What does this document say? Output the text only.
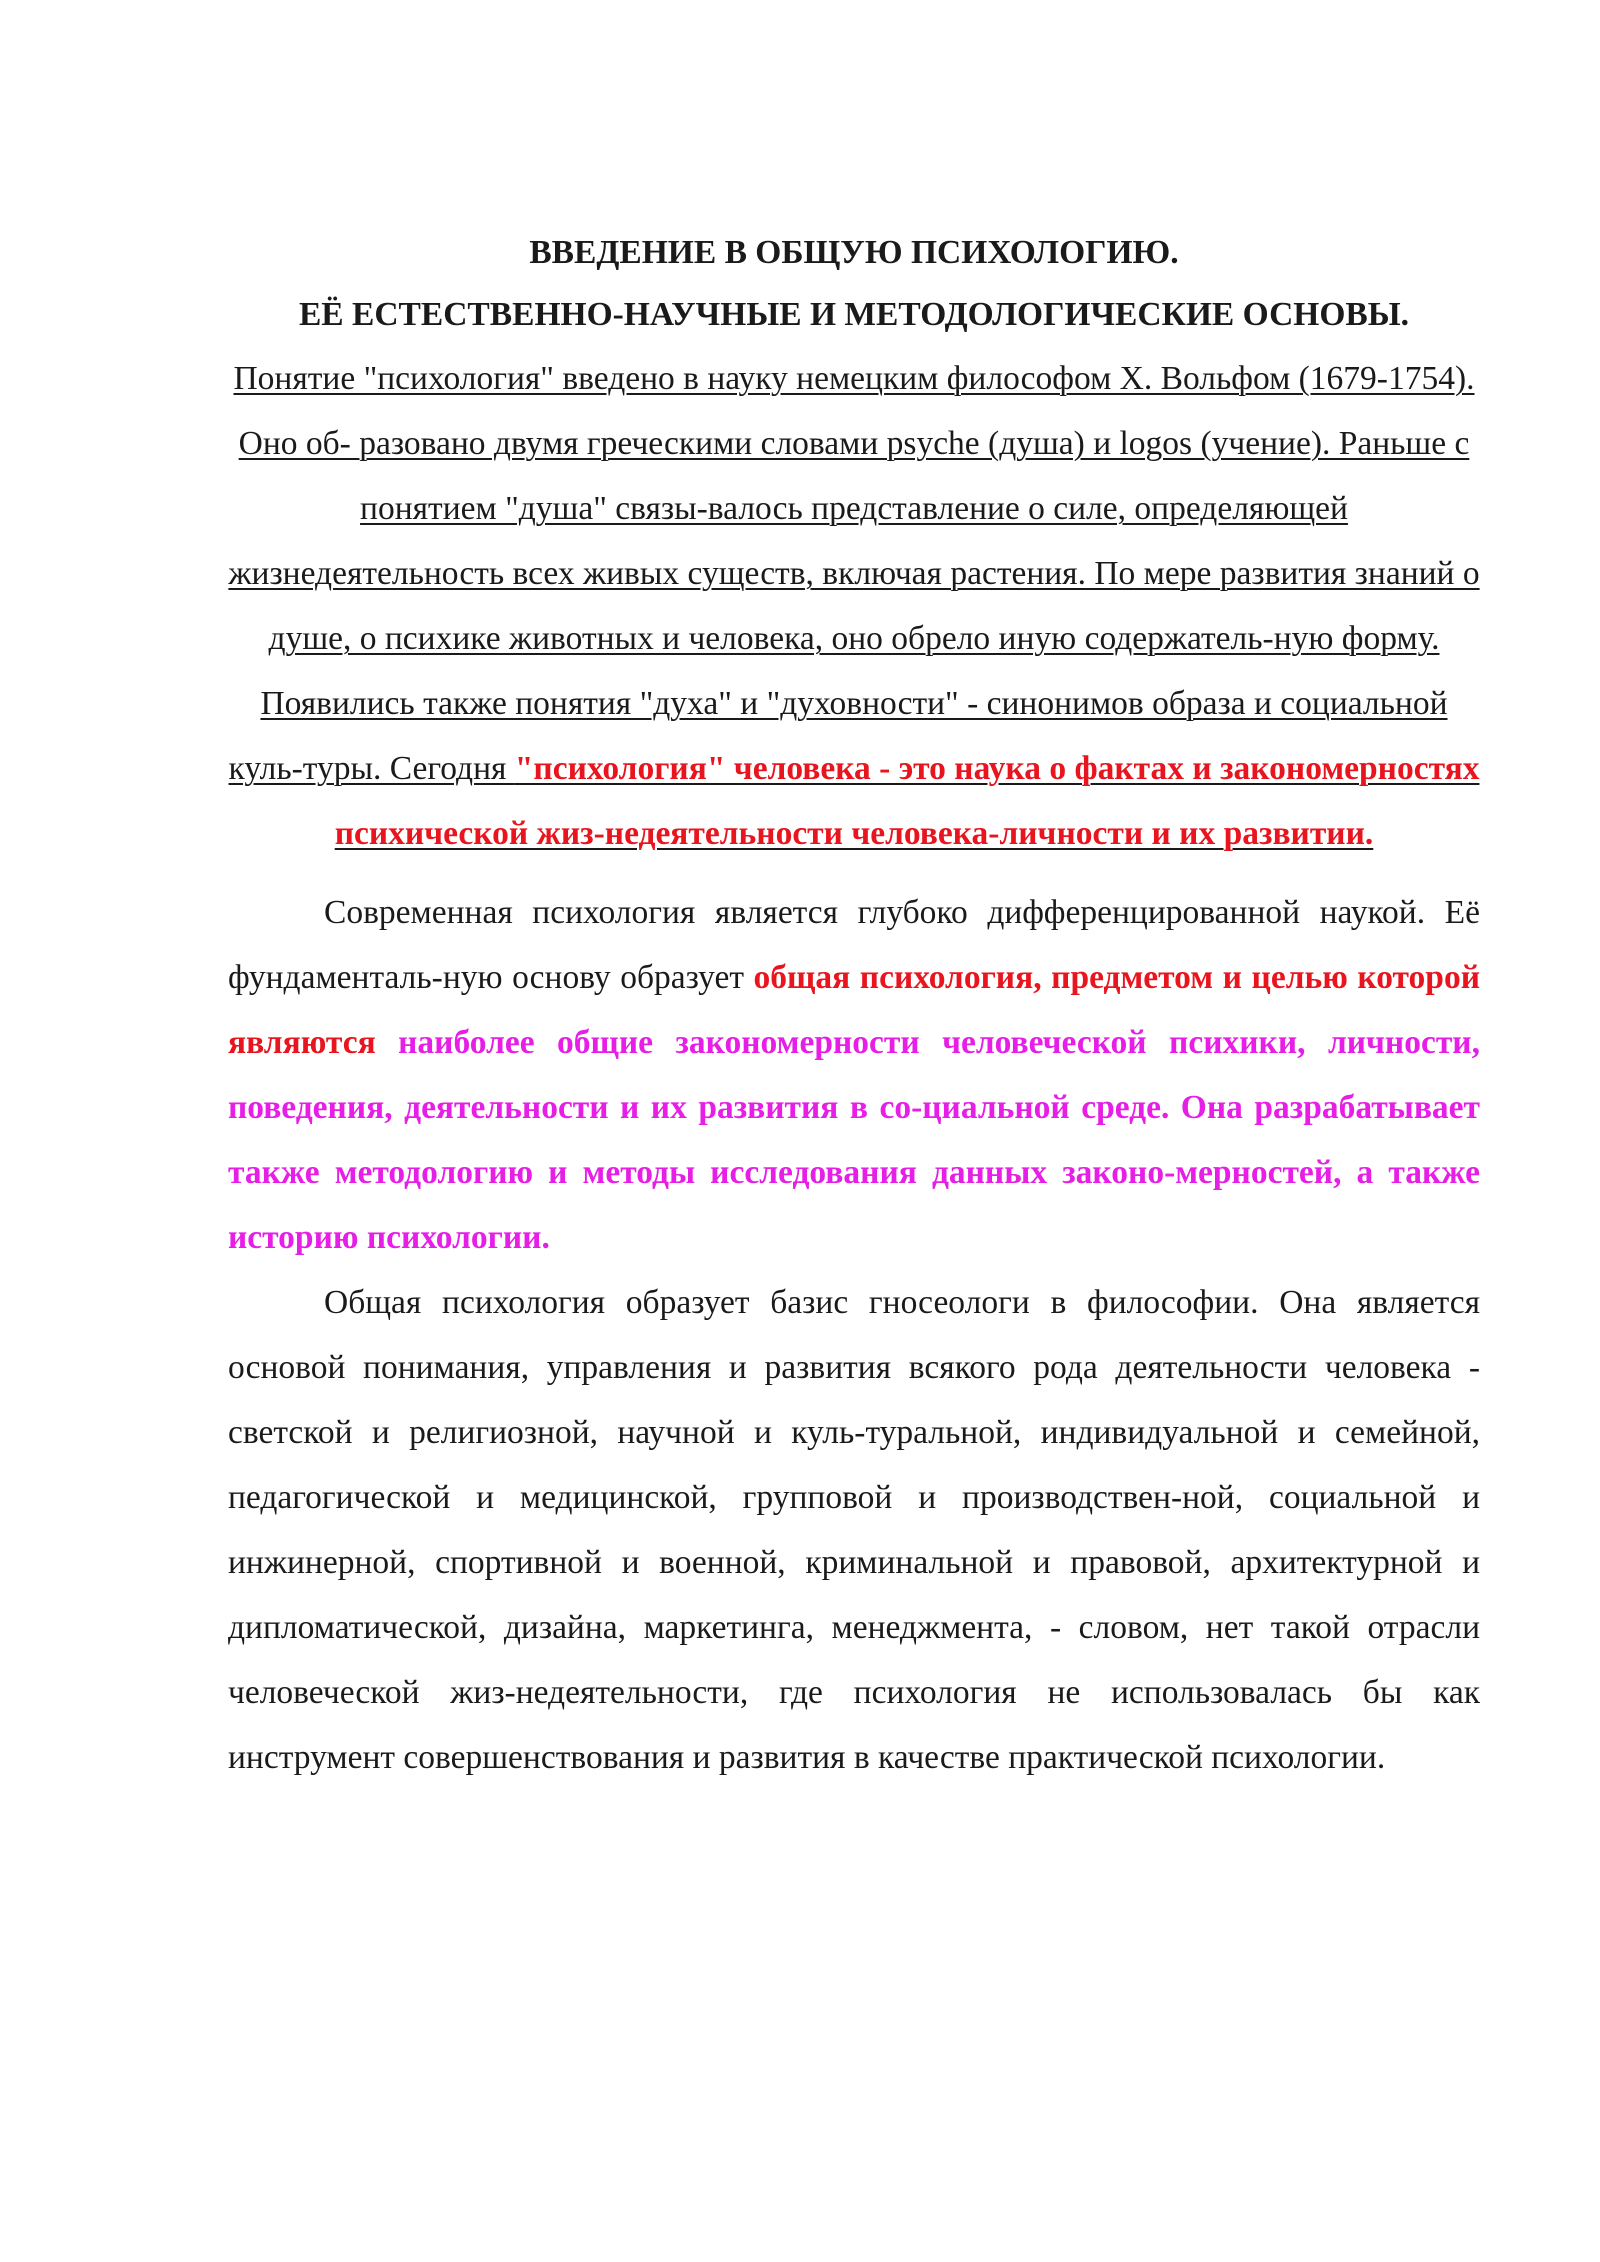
ВВЕДЕНИЕ В ОБЩУЮ ПСИХОЛОГИЮ.

ЕЁ ЕСТЕСТВЕННО-НАУЧНЫЕ И МЕТОДОЛОГИЧЕСКИЕ ОСНОВЫ.

Понятие "психология" введено в науку немецким философом X. Вольфом (1679-1754). Оно об- разовано двумя греческими словами psyche (душа) и logos (учение). Раньше с понятием "душа" связы-валось представление о силе, определяющей жизнедеятельность всех живых существ, включая растения. По мере развития знаний о душе, о психике животных и человека, оно обрело иную содержатель-ную форму. Появились также понятия "духа" и "духовности" - синонимов образа и социальной куль-туры. Сегодня "психология" человека - это наука о фактах и закономерностях психической жиз-недеятельности человека-личности и их развитии.

Современная психология является глубоко дифференцированной наукой. Её фундаменталь-ную основу образует общая психология, предметом и целью которой являются наиболее общие закономерности человеческой психики, личности, поведения, деятельности и их развития в со-циальной среде. Она разрабатывает также методологию и методы исследования данных законо-мерностей, а также историю психологии.

Общая психология образует базис гносеологи в философии. Она является основой понимания, управления и развития всякого рода деятельности человека - светской и религиозной, научной и куль-туральной, индивидуальной и семейной, педагогической и медицинской, групповой и производствен-ной, социальной и инжинерной, спортивной и военной, криминальной и правовой, архитектурной и дипломатической, дизайна, маркетинга, менеджмента, - словом, нет такой отрасли человеческой жиз-недеятельности, где психология не использовалась бы как инструмент совершенствования и развития в качестве практической психологии.
